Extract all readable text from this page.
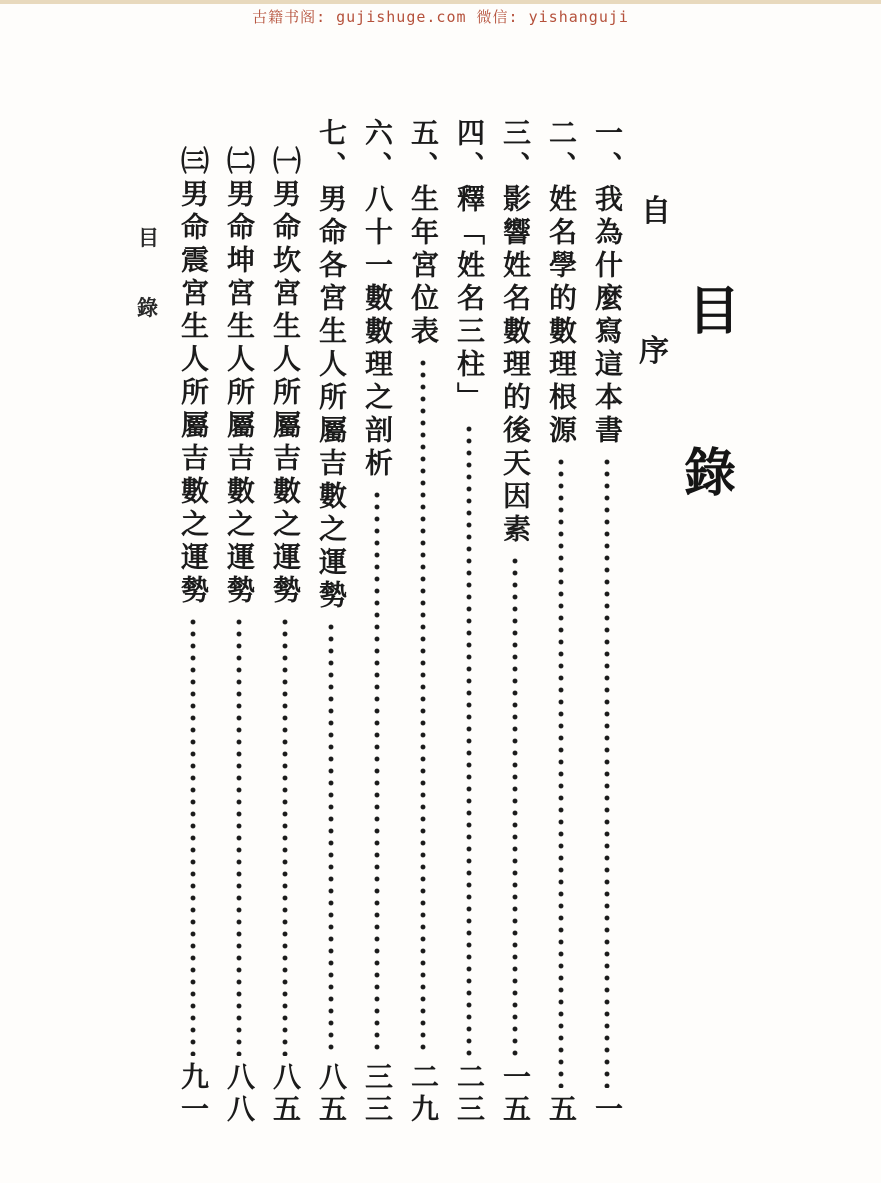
古籍书阁: gujishuge.com 微信: yishanguji
目
錄
自
序
目
錄	一、我為什麼寫這本書
一
二、姓名學的數理根源
五
三、影響姓名數理的後天因素
一五
四、釋「姓名三柱」
二三
五、生年宮位表
二九
六、八十一數數理之剖析
三三
七、男命各宮生人所屬吉數之運勢
八五
㈠男命坎宮生人所屬吉數之運勢
八五
㈡男命坤宮生人所屬吉數之運勢
八八
㈢男命震宮生人所屬吉數之運勢
九一
